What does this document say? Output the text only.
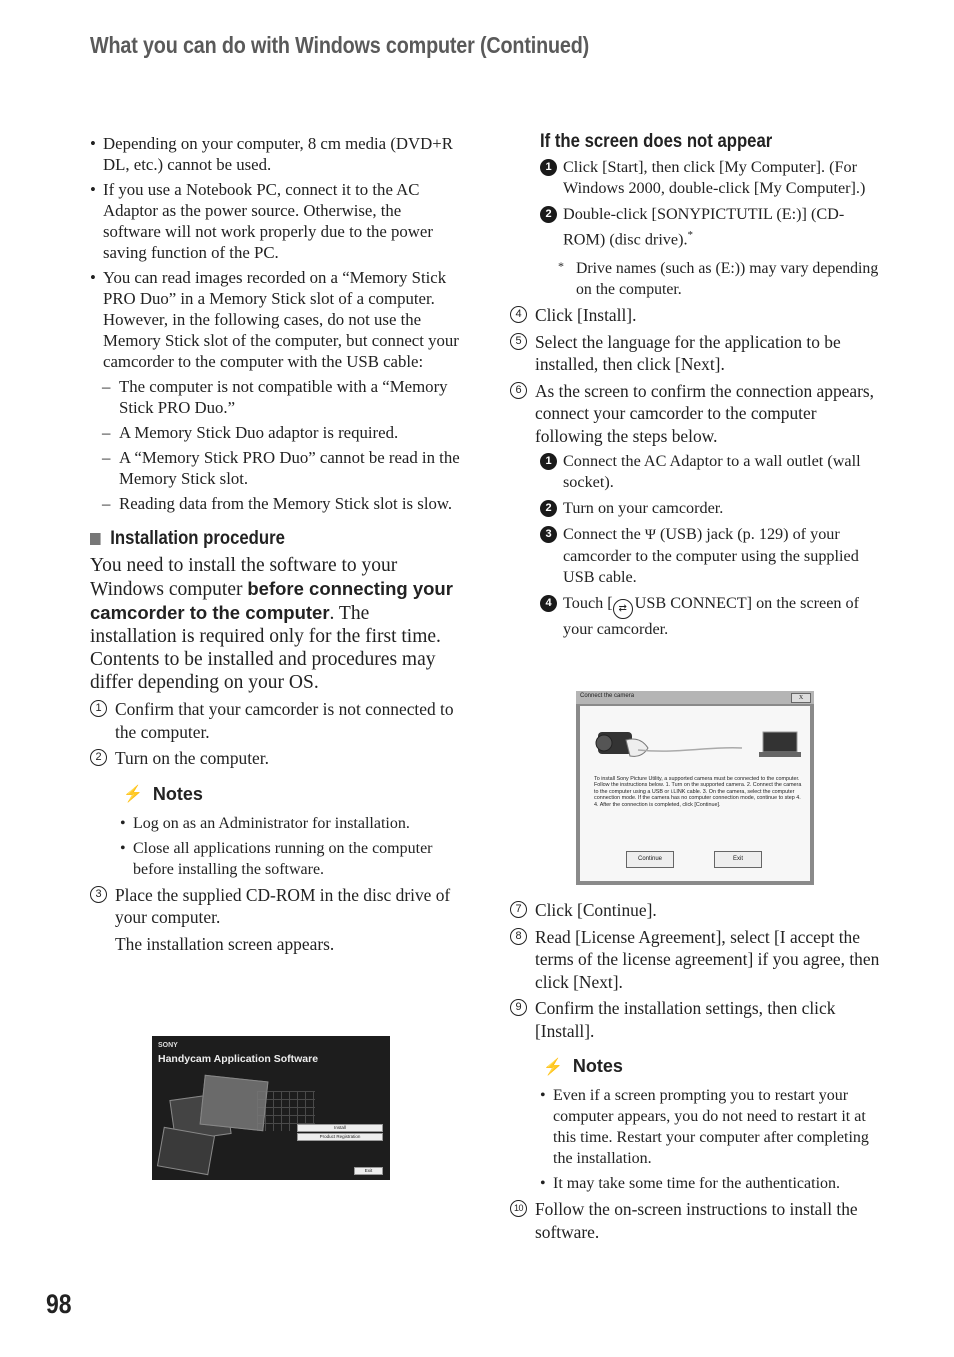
What you can do with Windows computer (Continued)
• Depending on your computer, 8 cm media (DVD+R DL, etc.) cannot be used.
• If you use a Notebook PC, connect it to the AC Adaptor as the power source. Otherwise, the software will not work properly due to the power saving function of the PC.
• You can read images recorded on a “Memory Stick PRO Duo” in a Memory Stick slot of a computer. However, in the following cases, do not use the Memory Stick slot of the computer, but connect your camcorder to the computer with the USB cable:
– The computer is not compatible with a “Memory Stick PRO Duo.”
– A Memory Stick Duo adaptor is required.
– A “Memory Stick PRO Duo” cannot be read in the Memory Stick slot.
– Reading data from the Memory Stick slot is slow.
Installation procedure

You need to install the software to your Windows computer before connecting your camcorder to the computer. The installation is required only for the first time.

Contents to be installed and procedures may differ depending on your OS.

1 Confirm that your camcorder is not connected to the computer.
2 Turn on the computer.
⚡ Notes
• Log on as an Administrator for installation.
• Close all applications running on the computer before installing the software.
3 Place the supplied CD-ROM in the disc drive of your computer.
The installation screen appears.
SONY
Handycam Application Software
Install
Product Registration
Exit
If the screen does not appear
1 Click [Start], then click [My Computer]. (For Windows 2000, double-click [My Computer].)
2 Double-click [SONYPICTUTIL (E:)] (CD-ROM) (disc drive).*
* Drive names (such as (E:)) may vary depending on the computer.
4 Click [Install].
5 Select the language for the application to be installed, then click [Next].
6 As the screen to confirm the connection appears, connect your camcorder to the computer following the steps below.
1 Connect the AC Adaptor to a wall outlet (wall socket).
2 Turn on your camcorder.
3 Connect the Ψ (USB) jack (p. 129) of your camcorder to the computer using the supplied USB cable.
4 Touch [ ⇄ USB CONNECT] on the screen of your camcorder.
Connect the camera	X
To install Sony Picture Utility, a supported camera must be connected to the computer. Follow the instructions below. 1. Turn on the supported camera. 2. Connect the camera to the computer using a USB or i.LINK cable. 3. On the camera, select the computer connection mode. If the camera has no computer connection mode, continue to step 4. 4. After the connection is completed, click [Continue].
Continue	Exit
7 Click [Continue].
8 Read [License Agreement], select [I accept the terms of the license agreement] if you agree, then click [Next].
9 Confirm the installation settings, then click [Install].
⚡ Notes
• Even if a screen prompting you to restart your computer appears, you do not need to restart it at this time. Restart your computer after completing the installation.
• It may take some time for the authentication.
10 Follow the on-screen instructions to install the software.
98
